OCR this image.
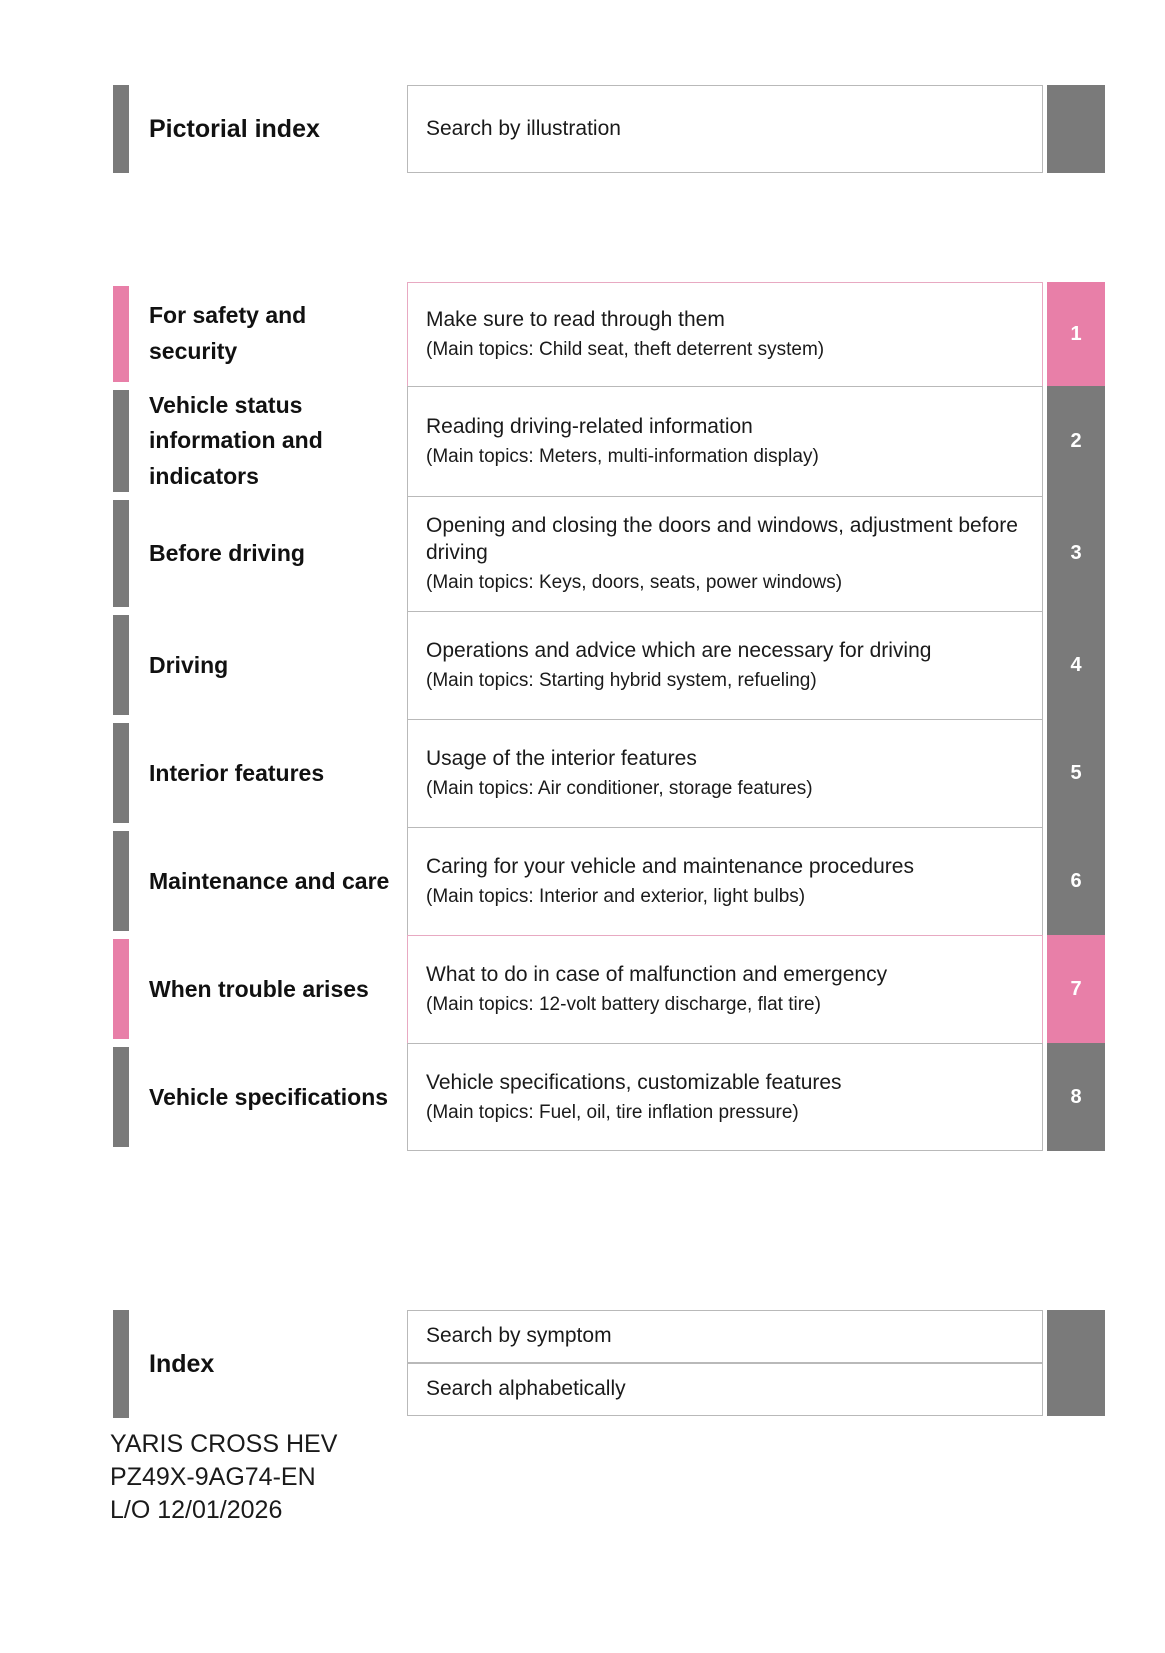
Pictorial index	Search by illustration
For safety and security
Make sure to read through them
(Main topics: Child seat, theft deterrent system)
1
Vehicle status information and indicators
Reading driving-related information
(Main topics: Meters, multi-information display)
2
Before driving
Opening and closing the doors and windows, adjustment before driving
(Main topics: Keys, doors, seats, power windows)
3
Driving
Operations and advice which are necessary for driving
(Main topics: Starting hybrid system, refueling)
4
Interior features
Usage of the interior features
(Main topics: Air conditioner, storage features)
5
Maintenance and care
Caring for your vehicle and maintenance procedures
(Main topics: Interior and exterior, light bulbs)
6
When trouble arises
What to do in case of malfunction and emergency
(Main topics: 12-volt battery discharge, flat tire)
7
Vehicle specifications
Vehicle specifications, customizable features
(Main topics: Fuel, oil, tire inflation pressure)
8
Index
Search by symptom
Search alphabetically
YARIS CROSS HEV
PZ49X-9AG74-EN
L/O 12/01/2026
